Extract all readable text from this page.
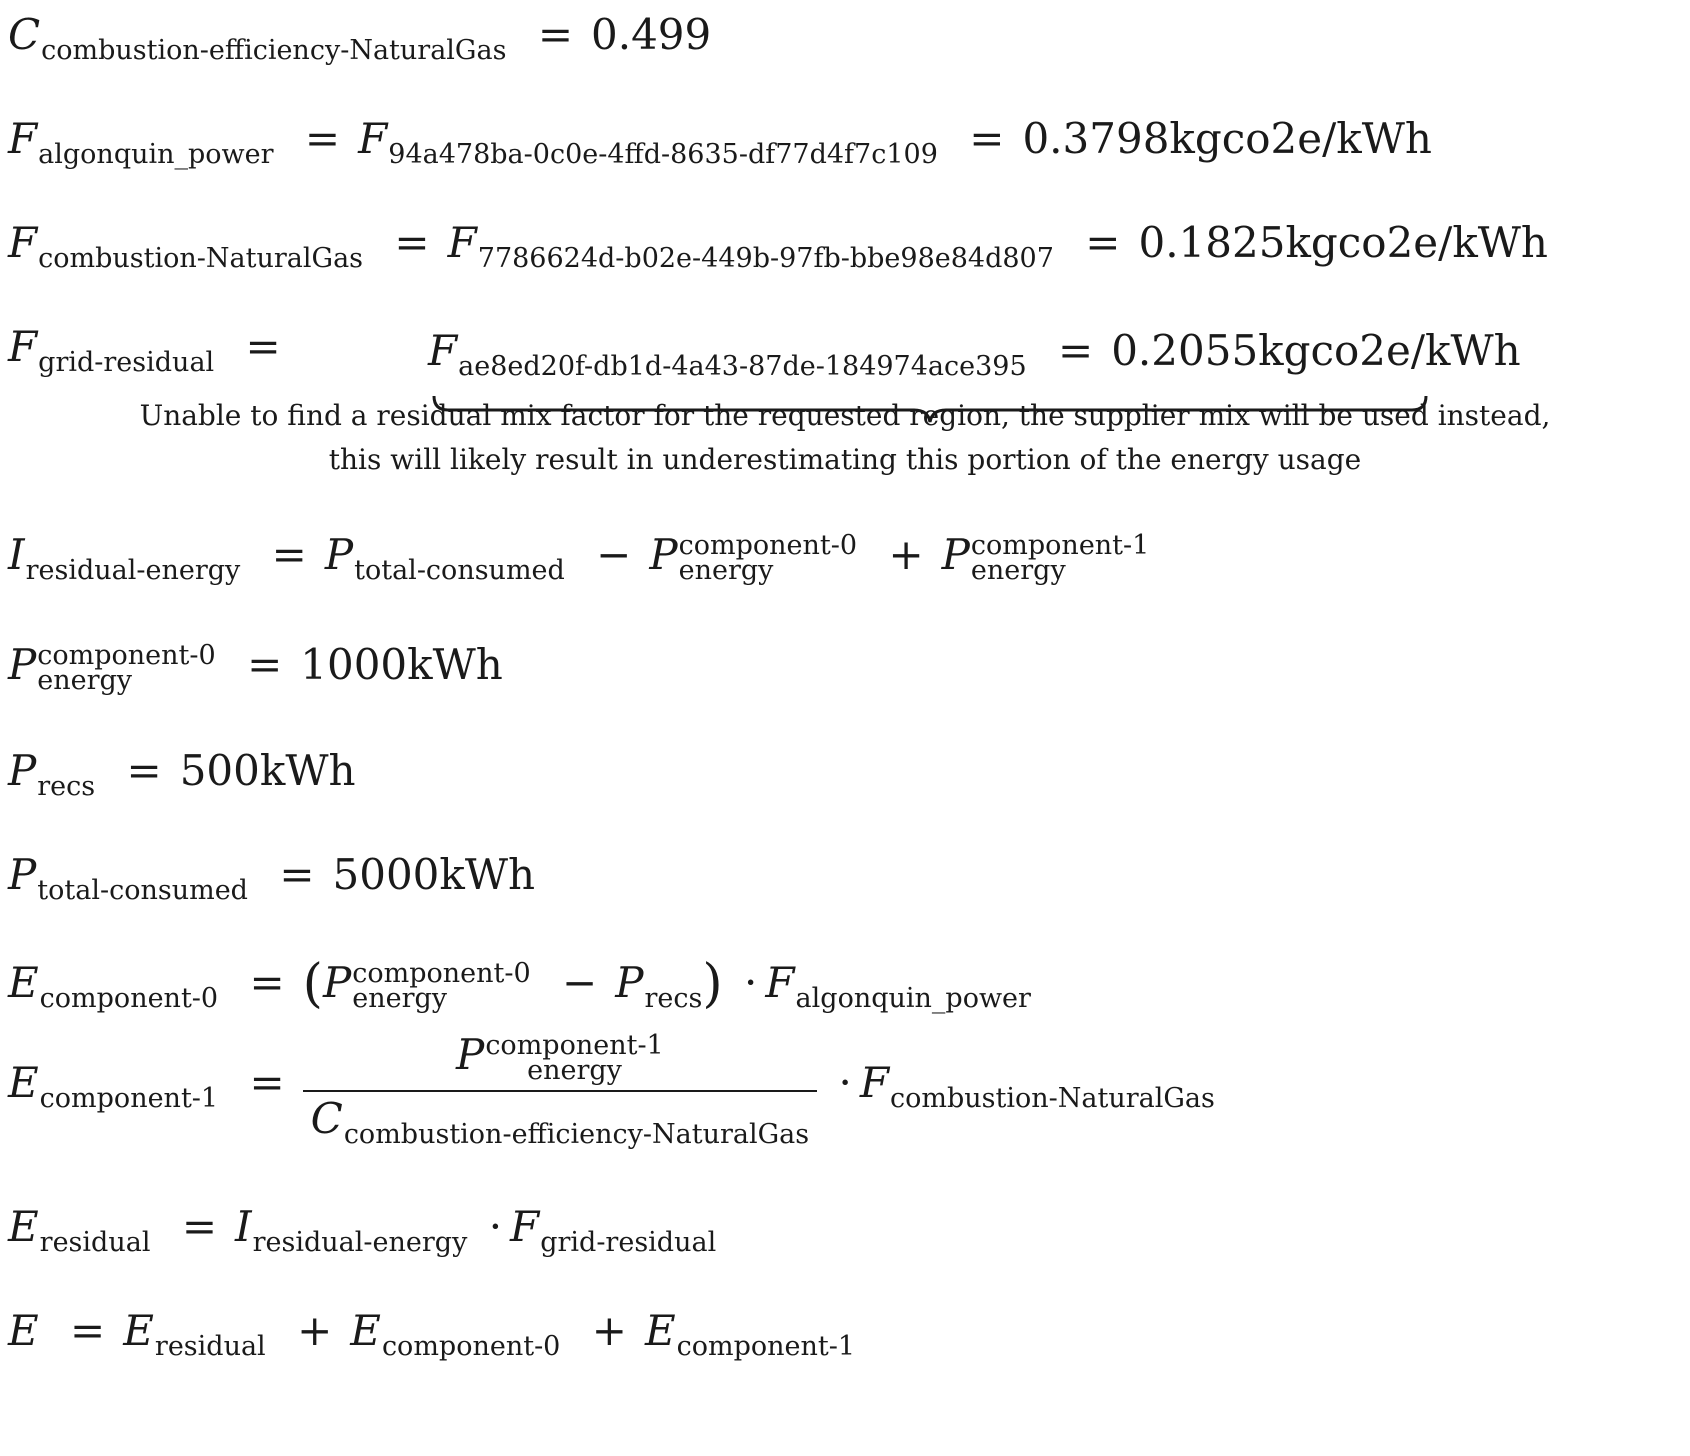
$C_{combustion-efficiency-NaturalGas} = 0.499$
$F_{algonquin\_power} = F_{94a478ba-0c0e-4ffd-8635-df77d4f7c109}$ = 0.3798kgco2e/kWh
$F_{combustion-NaturalGas} = F_{7786624d-b02e-449b-97fb-bbe98e84d807}$ = 0.1825kgco2e/kWh
$F_{grid-residual}$ =	$F_{ae8ed20f-db1d-4a43-87de-184974ace395}$ = 0.2055kgco2e/kWh
Unable to find a residual mix factor for the requested region, the supplier mix will be used instead,
this will likely result in underestimating this portion of the energy usage
$I_{residual-energy} = P_{total-consumed} - P$ component-0
energy	+ P component-1
energy
P component-0
energy	= 1000kWh
$P_{recs} = 500kWh$
$P_{total-consumed} = 5000kWh$
$E_{component-0} = (P$ component-0
energy	− $P_{recs}) \cdot F_{algonquin\_power}$
$E_{component-1} = P$ component-1
energy
$C_{combustion-efficiency-NaturalGas} \cdot F_{combustion-NaturalGas}$
$E_{residual} = I_{residual-energy} \cdot F_{grid-residual}$
$E = E_{residual} + E_{component-0} + E_{component-1}$
